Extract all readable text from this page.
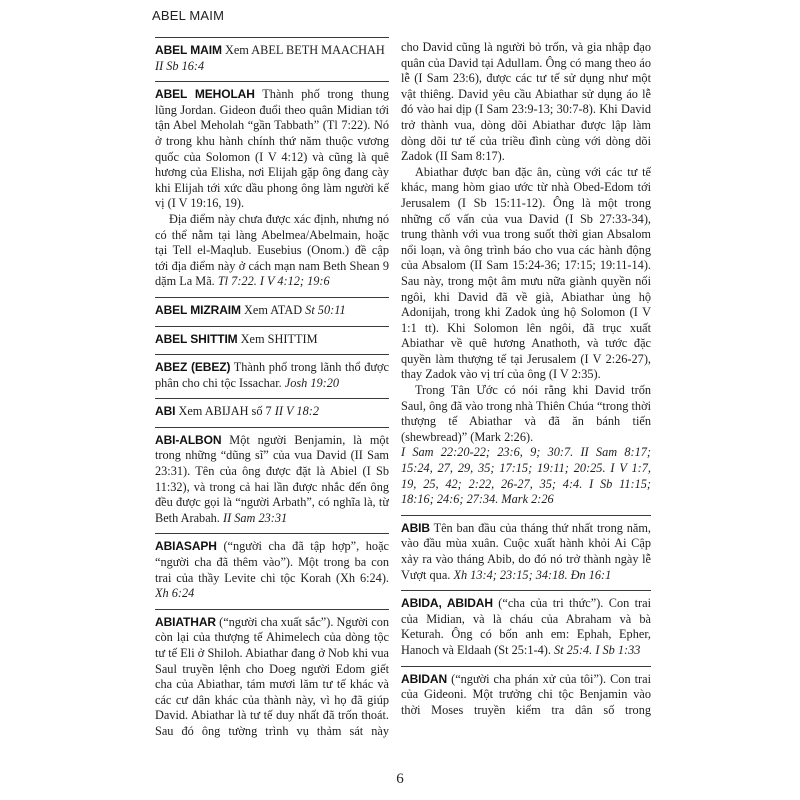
ABEL MAIM

ABEL MAIM Xem ABEL BETH MAACHAH
II Sb 16:4

ABEL MEHOLAH Thành phố trong thung lũng Jordan. Gideon đuổi theo quân Midian tới tận Abel Meholah “gần Tabbath” (Tl 7:22). Nó ở trong khu hành chính thứ năm thuộc vương quốc của Solomon (I V 4:12) và cũng là quê hương của Elisha, nơi Elijah gặp ông đang cày khi Elijah tới xức dầu phong ông làm người kế vị (I V 19:16, 19).

Địa điểm này chưa được xác định, nhưng nó có thể nằm tại làng Abelmea/Abelmain, hoặc tại Tell el-Maqlub. Eusebius (Onom.) đề cập tới địa điểm này ở cách mạn nam Beth Shean 9 dặm La Mã. Tl 7:22. I V 4:12; 19:6

ABEL MIZRAIM Xem ATAD St 50:11

ABEL SHITTIM Xem SHITTIM

ABEZ (EBEZ) Thành phố trong lãnh thổ được phân cho chi tộc Issachar. Josh 19:20

ABI Xem ABIJAH số 7 II V 18:2

ABI-ALBON Một người Benjamin, là một trong những “dũng sĩ” của vua David (II Sam 23:31). Tên của ông được đặt là Abiel (I Sb 11:32), và trong cả hai lần được nhắc đến ông đều được gọi là “người Arbath”, có nghĩa là, từ Beth Arabah. II Sam 23:31

ABIASAPH (“người cha đã tập hợp”, hoặc “người cha đã thêm vào”). Một trong ba con trai của thầy Levite chi tộc Korah (Xh 6:24). Xh 6:24

ABIATHAR (“người cha xuất sắc”). Người con còn lại của thượng tế Ahimelech của dòng tộc tư tế Eli ở Shiloh. Abiathar đang ở Nob khi vua Saul truyền lệnh cho Doeg người Edom giết cha của Abiathar, tám mươi lăm tư tế khác và các cư dân khác của thành này, vì họ đã giúp David. Abiathar là tư tế duy nhất đã trốn thoát. Sau đó ông tường trình vụ thảm sát này

cho David cũng là người bỏ trốn, và gia nhập đạo quân của David tại Adullam. Ông có mang theo áo lễ (I Sam 23:6), được các tư tế sử dụng như một vật thiêng. David yêu cầu Abiathar sử dụng áo lễ đó vào hai dịp (I Sam 23:9-13; 30:7-8). Khi David trở thành vua, dòng dõi Abiathar được lập làm dòng dõi tư tế của triều đình cùng với dòng dõi Zadok (II Sam 8:17).

Abiathar được ban đặc ân, cùng với các tư tế khác, mang hòm giao ước từ nhà Obed-Edom tới Jerusalem (I Sb 15:11-12). Ông là một trong những cố vấn của vua David (I Sb 27:33-34), trung thành với vua trong suốt thời gian Absalom nổi loạn, và ông trình báo cho vua các hành động của Absalom (II Sam 15:24-36; 17:15; 19:11-14). Sau này, trong một âm mưu nữa giành quyền nối ngôi, khi David đã về già, Abiathar ủng hộ Adonijah, trong khi Zadok ủng hộ Solomon (I V 1:1 tt). Khi Solomon lên ngôi, đã trục xuất Abiathar về quê hương Anathoth, và tước đặc quyền làm thượng tế tại Jerusalem (I V 2:26-27), thay Zadok vào vị trí của ông (I V 2:35).

Trong Tân Ước có nói rằng khi David trốn Saul, ông đã vào trong nhà Thiên Chúa “trong thời thượng tế Abiathar và đã ăn bánh tiến (shewbread)” (Mark 2:26).

I Sam 22:20-22; 23:6, 9; 30:7. II Sam 8:17; 15:24, 27, 29, 35; 17:15; 19:11; 20:25. I V 1:7, 19, 25, 42; 2:22, 26-27, 35; 4:4. I Sb 11:15; 18:16; 24:6; 27:34. Mark 2:26

ABIB Tên ban đầu của tháng thứ nhất trong năm, vào đầu mùa xuân. Cuộc xuất hành khỏi Ai Cập xảy ra vào tháng Abib, do đó nó trở thành ngày lễ Vượt qua. Xh 13:4; 23:15; 34:18. Đn 16:1

ABIDA, ABIDAH (“cha của tri thức”). Con trai của Midian, và là cháu của Abraham và bà Keturah. Ông có bốn anh em: Ephah, Epher, Hanoch và Eldaah (St 25:1-4). St 25:4. I Sb 1:33

ABIDAN (“người cha phán xử của tôi”). Con trai của Gideoni. Một trưởng chi tộc Benjamin vào thời Moses truyền kiểm tra dân số trong

6
